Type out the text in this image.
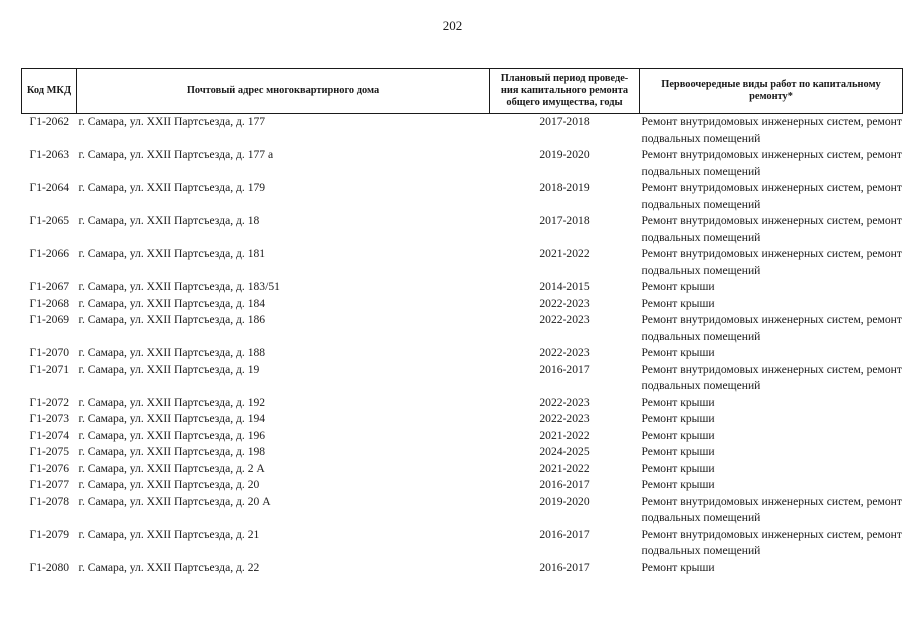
202
Код МКД	Почтовый адрес многоквартирного дома	Плановый период проведе-ния капитального ремонта общего имущества, годы	Первоочередные виды работ по капитальному ремонту*
Г1-2062	г. Самара, ул. XXII Партсъезда, д. 177	2017-2018	Ремонт внутридомовых инженерных систем, ремонт подвальных помещений
Г1-2063	г. Самара, ул. XXII Партсъезда, д. 177 а	2019-2020	Ремонт внутридомовых инженерных систем, ремонт подвальных помещений
Г1-2064	г. Самара, ул. XXII Партсъезда, д. 179	2018-2019	Ремонт внутридомовых инженерных систем, ремонт подвальных помещений
Г1-2065	г. Самара, ул. XXII Партсъезда, д. 18	2017-2018	Ремонт внутридомовых инженерных систем, ремонт подвальных помещений
Г1-2066	г. Самара, ул. XXII Партсъезда, д. 181	2021-2022	Ремонт внутридомовых инженерных систем, ремонт подвальных помещений
Г1-2067	г. Самара, ул. XXII Партсъезда, д. 183/51	2014-2015	Ремонт крыши
Г1-2068	г. Самара, ул. XXII Партсъезда, д. 184	2022-2023	Ремонт крыши
Г1-2069	г. Самара, ул. XXII Партсъезда, д. 186	2022-2023	Ремонт внутридомовых инженерных систем, ремонт подвальных помещений
Г1-2070	г. Самара, ул. XXII Партсъезда, д. 188	2022-2023	Ремонт крыши
Г1-2071	г. Самара, ул. XXII Партсъезда, д. 19	2016-2017	Ремонт внутридомовых инженерных систем, ремонт подвальных помещений
Г1-2072	г. Самара, ул. XXII Партсъезда, д. 192	2022-2023	Ремонт крыши
Г1-2073	г. Самара, ул. XXII Партсъезда, д. 194	2022-2023	Ремонт крыши
Г1-2074	г. Самара, ул. XXII Партсъезда, д. 196	2021-2022	Ремонт крыши
Г1-2075	г. Самара, ул. XXII Партсъезда, д. 198	2024-2025	Ремонт крыши
Г1-2076	г. Самара, ул. XXII Партсъезда, д. 2 А	2021-2022	Ремонт крыши
Г1-2077	г. Самара, ул. XXII Партсъезда, д. 20	2016-2017	Ремонт крыши
Г1-2078	г. Самара, ул. XXII Партсъезда, д. 20 А	2019-2020	Ремонт внутридомовых инженерных систем, ремонт подвальных помещений
Г1-2079	г. Самара, ул. XXII Партсъезда, д. 21	2016-2017	Ремонт внутридомовых инженерных систем, ремонт подвальных помещений
Г1-2080	г. Самара, ул. XXII Партсъезда, д. 22	2016-2017	Ремонт крыши
